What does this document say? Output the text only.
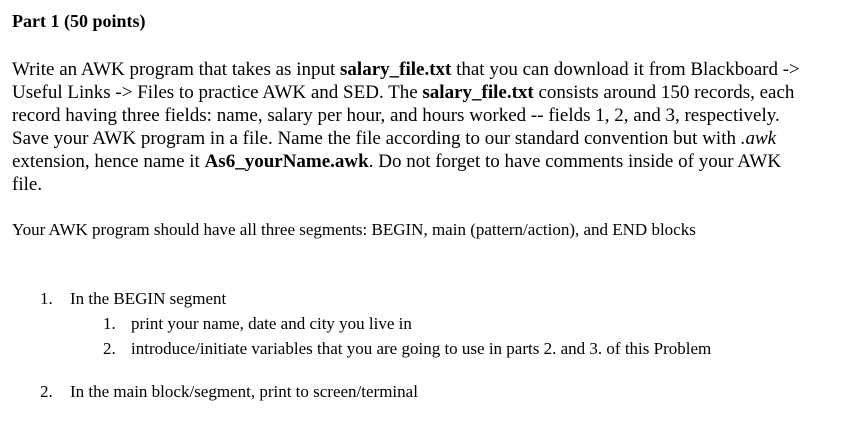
Part 1 (50 points)

Write an AWK program that takes as input salary_file.txt that you can download it from Blackboard -> Useful Links -> Files to practice AWK and SED. The salary_file.txt consists around 150 records, each record having three fields: name, salary per hour, and hours worked -- fields 1, 2, and 3, respectively. Save your AWK program in a file. Name the file according to our standard convention but with .awk extension, hence name it As6_yourName.awk. Do not forget to have comments inside of your AWK file.

Your AWK program should have all three segments: BEGIN, main (pattern/action), and END blocks

1.	In the BEGIN segment
1. print your name, date and city you live in
2. introduce/initiate variables that you are going to use in parts 2. and 3. of this Problem
2.	In the main block/segment, print to screen/terminal
